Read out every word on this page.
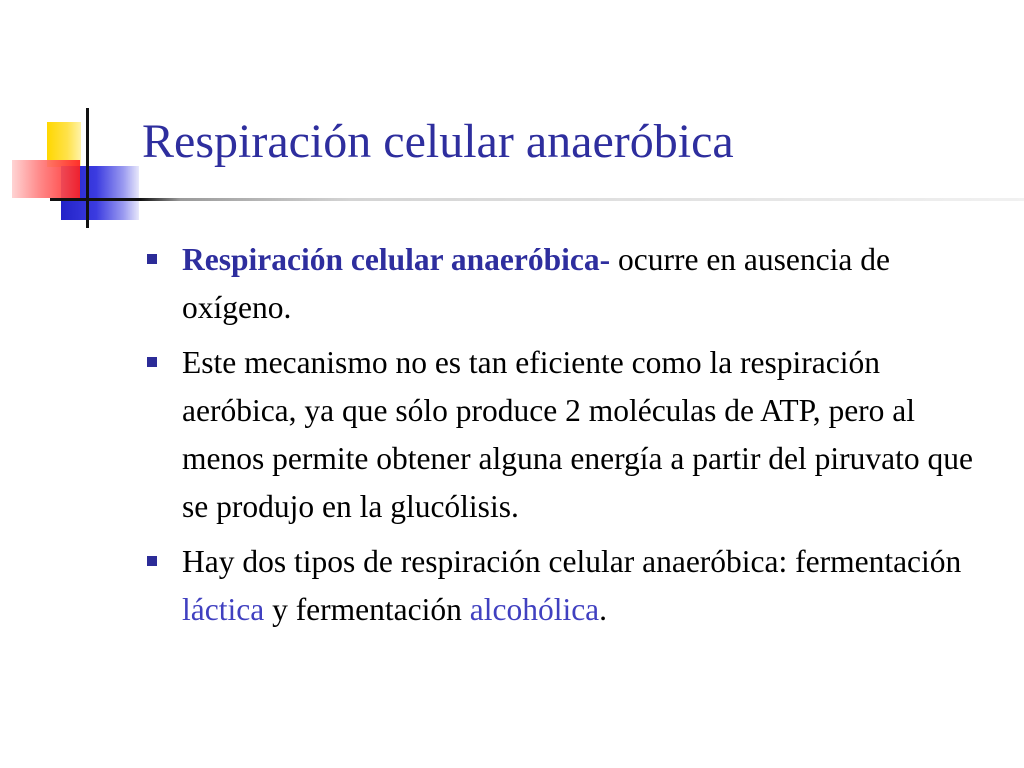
Respiración celular anaeróbica
Respiración celular anaeróbica- ocurre en ausencia de oxígeno.
Este mecanismo no es tan eficiente como la respiración aeróbica, ya que sólo produce 2 moléculas de ATP, pero al menos permite obtener alguna energía a partir del piruvato que se produjo en la glucólisis.
Hay dos tipos de respiración celular anaeróbica: fermentación láctica y fermentación alcohólica.
